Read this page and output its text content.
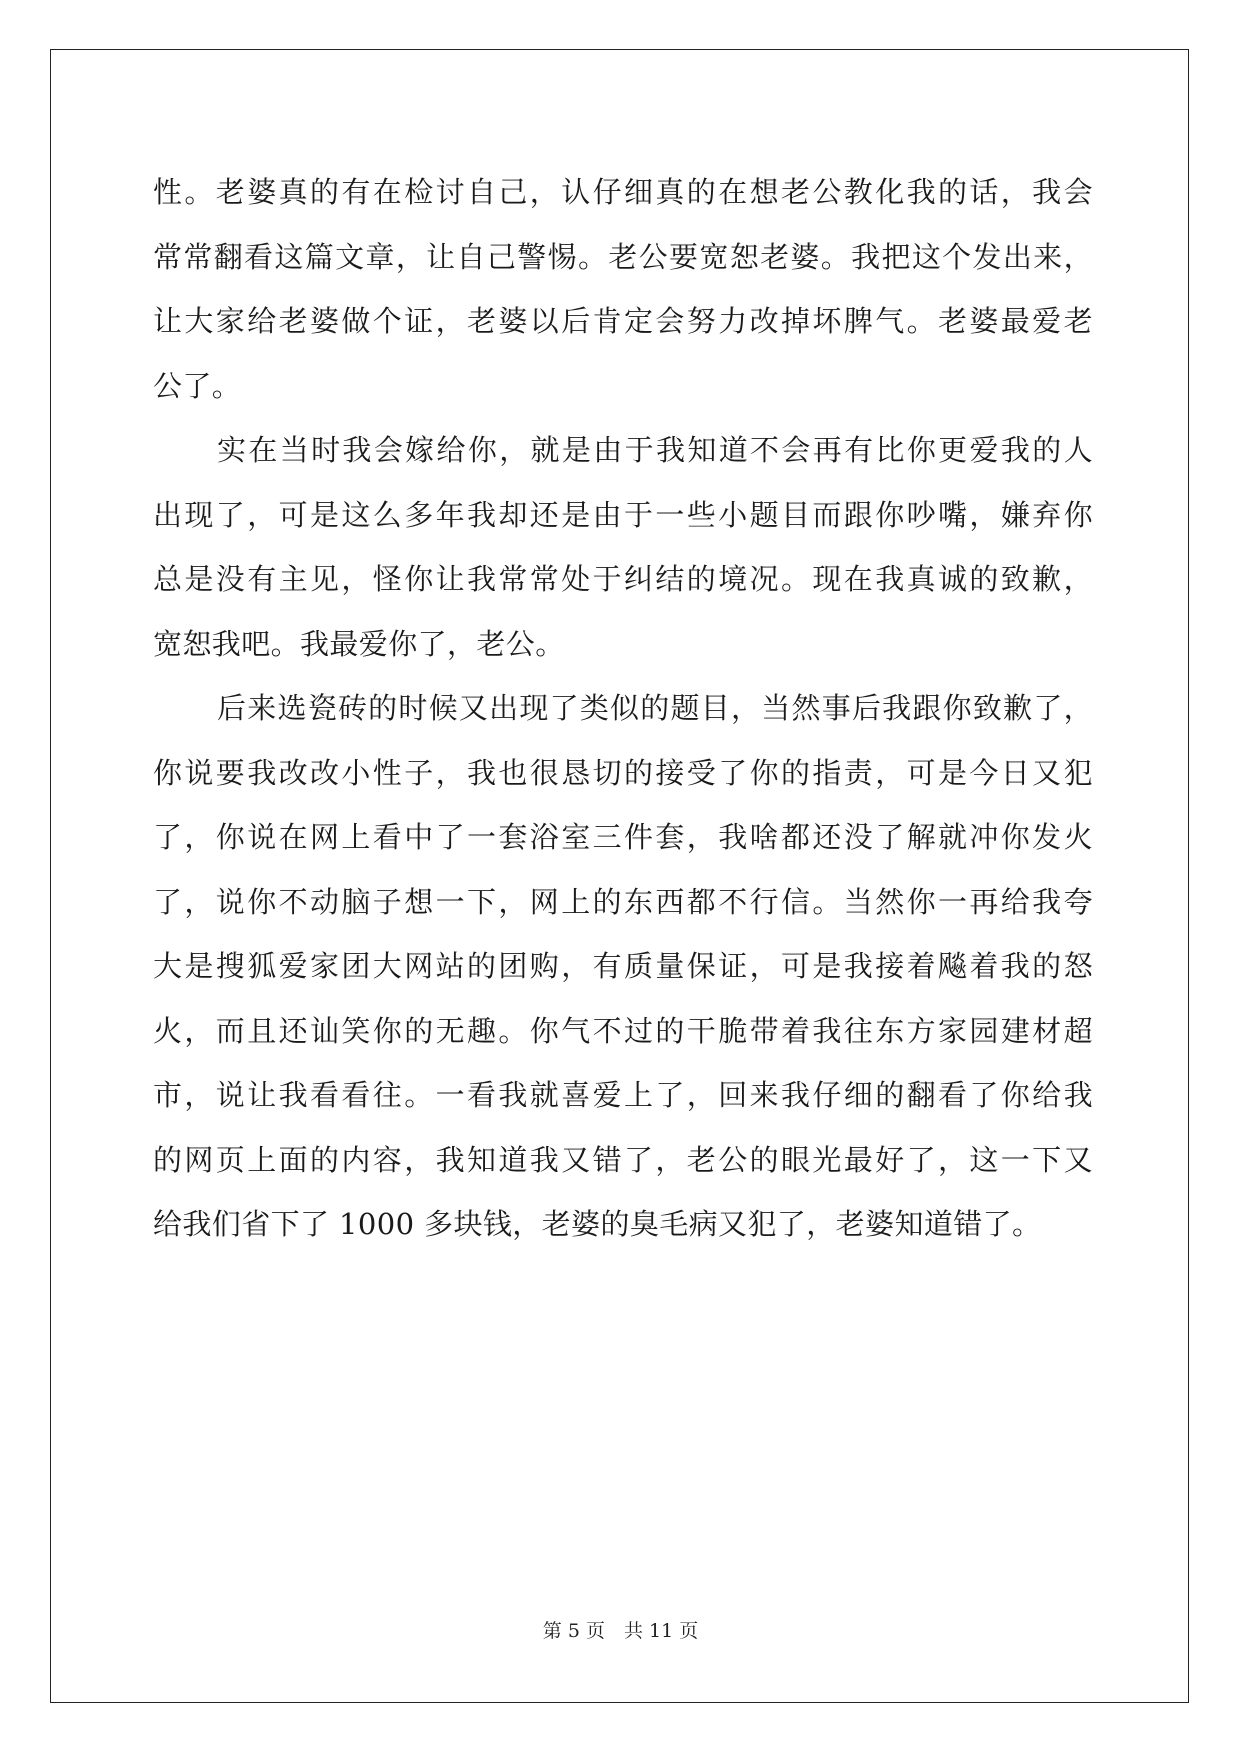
性。老婆真的有在检讨自己，认仔细真的在想老公教化我的话，我会
常常翻看这篇文章，让自己警惕。老公要宽恕老婆。我把这个发出来，
让大家给老婆做个证，老婆以后肯定会努力改掉坏脾气。老婆最爱老
公了。
实在当时我会嫁给你，就是由于我知道不会再有比你更爱我的人
出现了，可是这么多年我却还是由于一些小题目而跟你吵嘴，嫌弃你
总是没有主见，怪你让我常常处于纠结的境况。现在我真诚的致歉，
宽恕我吧。我最爱你了，老公。
后来选瓷砖的时候又出现了类似的题目，当然事后我跟你致歉了，
你说要我改改小性子，我也很恳切的接受了你的指责，可是今日又犯
了，你说在网上看中了一套浴室三件套，我啥都还没了解就冲你发火
了，说你不动脑子想一下，网上的东西都不行信。当然你一再给我夸
大是搜狐爱家团大网站的团购，有质量保证，可是我接着飚着我的怒
火，而且还讪笑你的无趣。你气不过的干脆带着我往东方家园建材超
市，说让我看看往。一看我就喜爱上了，回来我仔细的翻看了你给我
的网页上面的内容，我知道我又错了，老公的眼光最好了，这一下又
给我们省下了 1000 多块钱，老婆的臭毛病又犯了，老婆知道错了。
第 5 页　共 11 页
